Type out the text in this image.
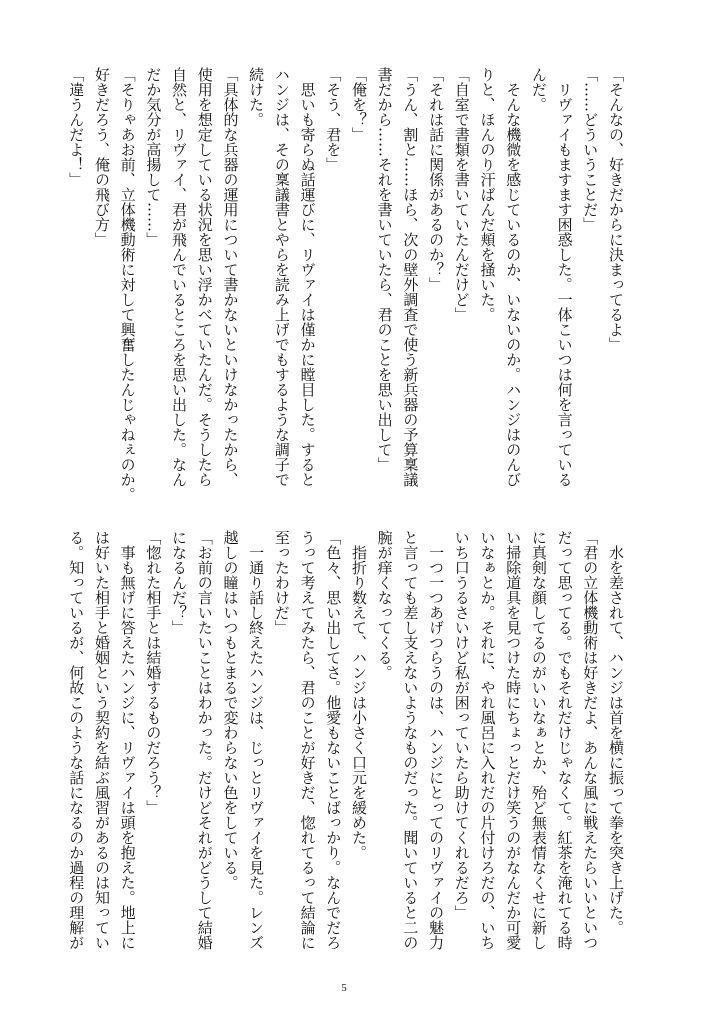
「そんなの、好きだからに決まってるよ」

「……どういうことだ」

　リヴァイもますます困惑した。一体こいつは何を言っている

んだ。

　そんな機微を感じているのか、いないのか。ハンジはのんび

りと、ほんのり汗ばんだ頬を掻いた。

「自室で書類を書いていたんだけど」

「それは話に関係があるのか？」

「うん、割と……ほら、次の壁外調査で使う新兵器の予算稟議

書だから……それを書いていたら、君のことを思い出して」

「俺を？」

「そう、君を」

　思いも寄らぬ話運びに、リヴァイは僅かに瞠目した。すると

ハンジは、その稟議書とやらを読み上げでもするような調子で

続けた。

「具体的な兵器の運用について書かないといけなかったから、

使用を想定している状況を思い浮かべていたんだ。そうしたら

自然と、リヴァイ、君が飛んでいるところを思い出した。なん

だか気分が高揚して……」

「そりゃあお前、立体機動術に対して興奮したんじゃねぇのか。

好きだろう、俺の飛び方」

「違うんだよ！」

　水を差されて、ハンジは首を横に振って拳を突き上げた。

「君の立体機動術は好きだよ、あんな風に戦えたらいいといつ

だって思ってる。でもそれだけじゃなくて。紅茶を淹れてる時

に真剣な顔してるのがいいなぁとか、殆ど無表情なくせに新し

い掃除道具を見つけた時にちょっとだけ笑うのがなんだか可愛

いなぁとか。それに、やれ風呂に入れだの片付けろだの、いち

いち口うるさいけど私が困っていたら助けてくれるだろ」

　一つ一つあげつらうのは、ハンジにとってのリヴァイの魅力

と言っても差し支えないようなものだった。聞いていると二の

腕が痒くなってくる。

　指折り数えて、ハンジは小さく口元を緩めた。

「色々、思い出してさ。他愛もないことばっかり。なんでだろ

うって考えてみたら、君のことが好きだ、惚れてるって結論に

至ったわけだ」

　一通り話し終えたハンジは、じっとリヴァイを見た。レンズ

越しの瞳はいつもとまるで変わらない色をしている。

「お前の言いたいことはわかった。だけどそれがどうして結婚

になるんだ？」

「惚れた相手とは結婚するものだろう？」

　事も無げに答えたハンジに、リヴァイは頭を抱えた。地上に

は好いた相手と婚姻という契約を結ぶ風習があるのは知ってい

る。知っているが、何故このような話になるのか過程の理解が

5
